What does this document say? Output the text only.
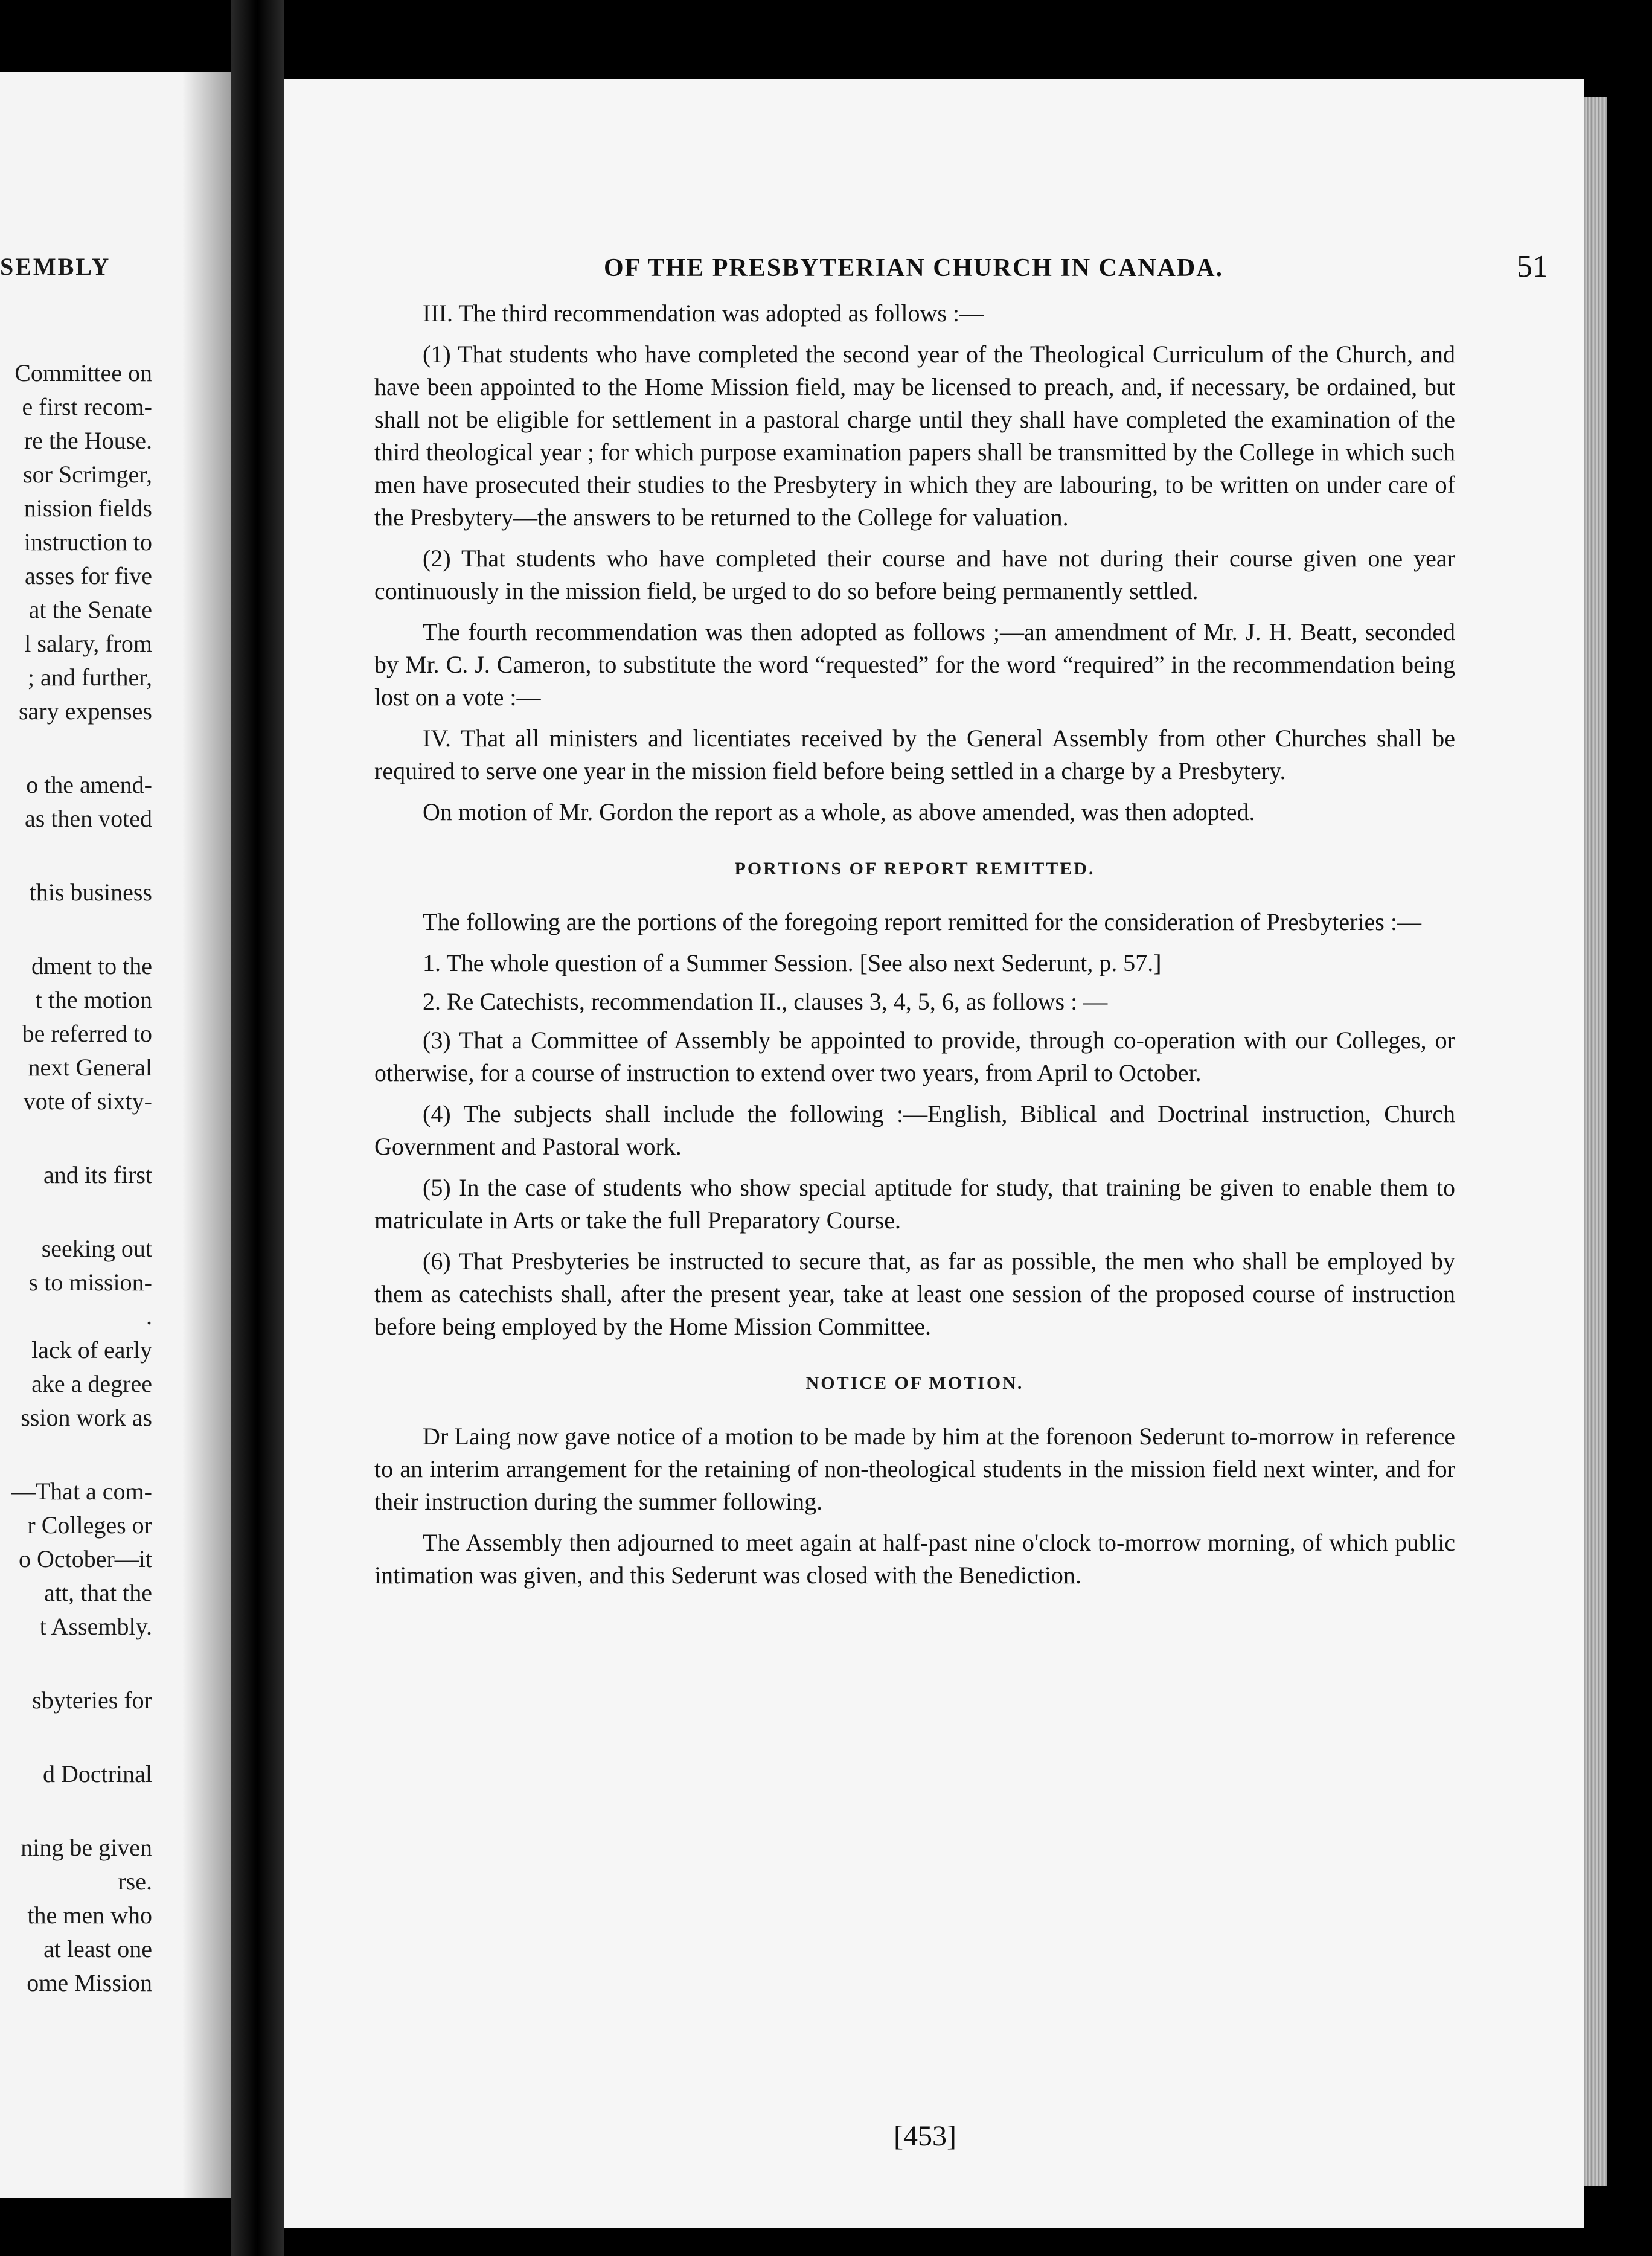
SEMBLY
Committee on
e first recom-
re the House.
sor Scrimger,
nission fields
instruction to
asses for five
at the Senate
l salary, from
; and further,
sary expenses
o the amend-
as then voted
this business
dment to the
t the motion
be referred to
next General
vote of sixty-
and its first
seeking out
s to mission-
.
lack of early
ake a degree
ssion work as
—That a com-
r Colleges or
o October—it
att, that the
t Assembly.
sbyteries for
d Doctrinal
ning be given
rse.
the men who
at least one
ome Mission
OF THE PRESBYTERIAN CHURCH IN CANADA.	51

III. The third recommendation was adopted as follows :—

(1) That students who have completed the second year of the Theological Curriculum of the Church, and have been appointed to the Home Mission field, may be licensed to preach, and, if necessary, be ordained, but shall not be eligible for settlement in a pastoral charge until they shall have completed the examination of the third theological year ; for which purpose examination papers shall be transmitted by the College in which such men have prosecuted their studies to the Presbytery in which they are labouring, to be written on under care of the Presbytery—the answers to be returned to the College for valuation.

(2) That students who have completed their course and have not during their course given one year continuously in the mission field, be urged to do so before being permanently settled.

The fourth recommendation was then adopted as follows ;—an amendment of Mr. J. H. Beatt, seconded by Mr. C. J. Cameron, to substitute the word “requested” for the word “required” in the recommendation being lost on a vote :—

IV. That all ministers and licentiates received by the General Assembly from other Churches shall be required to serve one year in the mission field before being settled in a charge by a Presbytery.

On motion of Mr. Gordon the report as a whole, as above amended, was then adopted.

PORTIONS OF REPORT REMITTED.

The following are the portions of the foregoing report remitted for the consideration of Presbyteries :—

1. The whole question of a Summer Session. [See also next Sederunt, p. 57.]

2. Re Catechists, recommendation II., clauses 3, 4, 5, 6, as follows : —

(3) That a Committee of Assembly be appointed to provide, through co-operation with our Colleges, or otherwise, for a course of instruction to extend over two years, from April to October.

(4) The subjects shall include the following :—English, Biblical and Doctrinal instruction, Church Government and Pastoral work.

(5) In the case of students who show special aptitude for study, that training be given to enable them to matriculate in Arts or take the full Preparatory Course.

(6) That Presbyteries be instructed to secure that, as far as possible, the men who shall be employed by them as catechists shall, after the present year, take at least one session of the proposed course of instruction before being employed by the Home Mission Committee.

NOTICE OF MOTION.

Dr Laing now gave notice of a motion to be made by him at the forenoon Sederunt to-morrow in reference to an interim arrangement for the retaining of non-theological students in the mission field next winter, and for their instruction during the summer following.

The Assembly then adjourned to meet again at half-past nine o'clock to-morrow morning, of which public intimation was given, and this Sederunt was closed with the Benediction.

[453]
